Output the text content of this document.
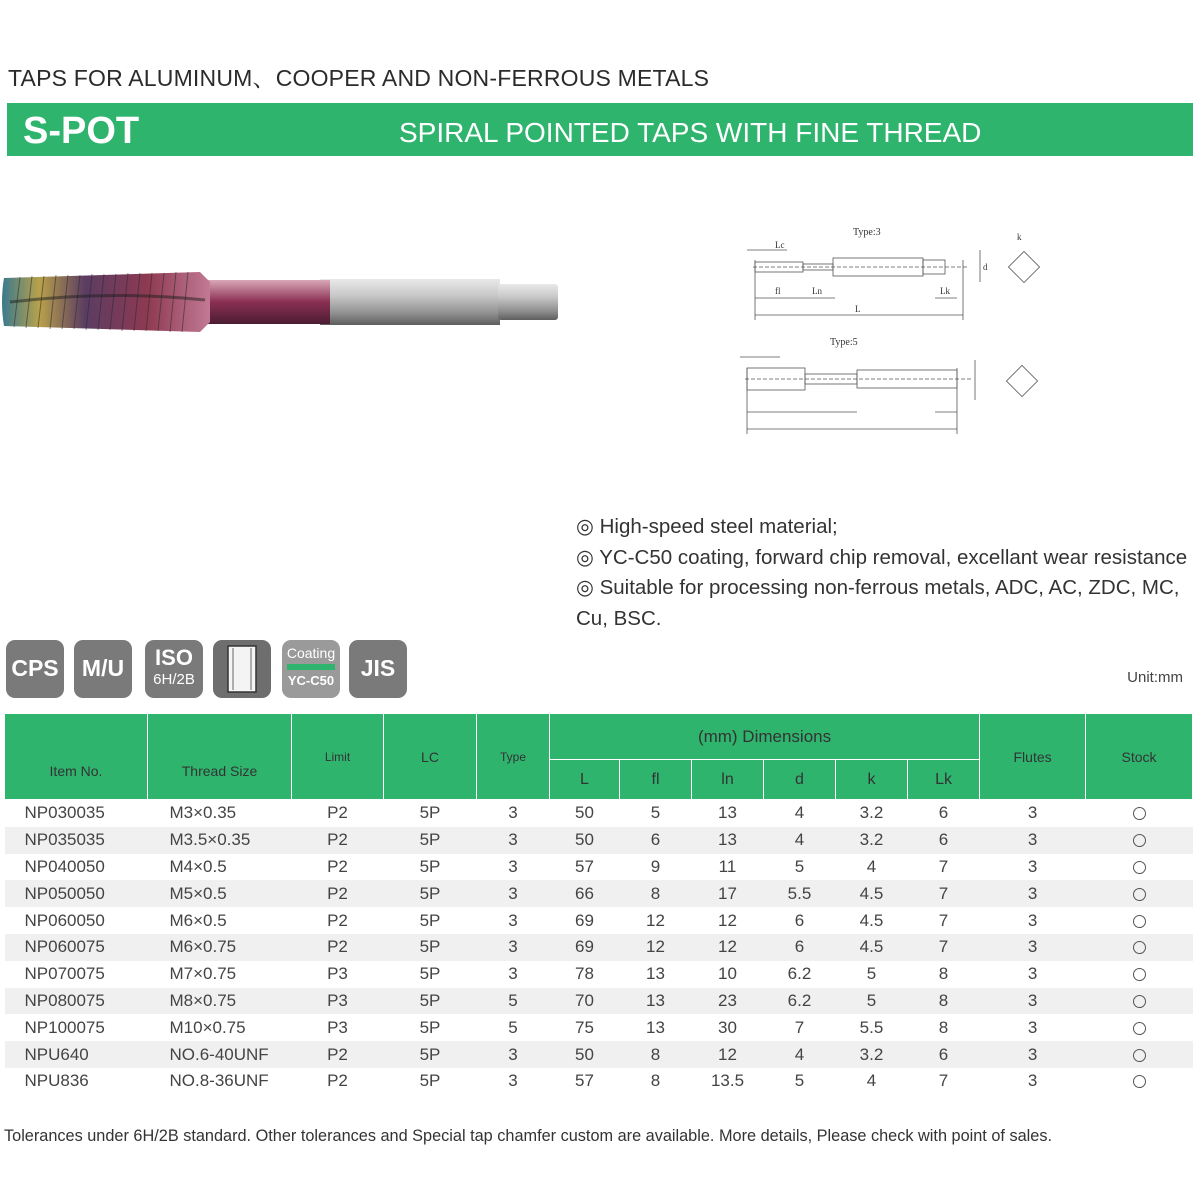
TAPS FOR ALUMINUM、COOPER AND NON-FERROUS METALS
S-POT	SPIRAL POINTED TAPS WITH FINE THREAD
Type:3
Type:5
Lc
fl	Ln	Lk
L
d
k
◎ High-speed steel material;
◎ YC-C50 coating, forward chip removal, excellant wear resistance
◎ Suitable for processing non-ferrous metals, ADC, AC, ZDC, MC, Cu, BSC.
CPS	M/U	ISO
6H/2B
Coating
YC-C50	JIS	Unit:mm
Item No.	Thread Size	Limit	LC	Type	(mm) Dimensions						Flutes	Stock
					L	fl	ln	d	k	Lk		
NP030035	M3×0.35	P2	5P	3	50	5	13	4	3.2	6	3	
NP035035	M3.5×0.35	P2	5P	3	50	6	13	4	3.2	6	3	
NP040050	M4×0.5	P2	5P	3	57	9	11	5	4	7	3	
NP050050	M5×0.5	P2	5P	3	66	8	17	5.5	4.5	7	3	
NP060050	M6×0.5	P2	5P	3	69	12	12	6	4.5	7	3	
NP060075	M6×0.75	P2	5P	3	69	12	12	6	4.5	7	3	
NP070075	M7×0.75	P3	5P	3	78	13	10	6.2	5	8	3	
NP080075	M8×0.75	P3	5P	5	70	13	23	6.2	5	8	3	
NP100075	M10×0.75	P3	5P	5	75	13	30	7	5.5	8	3	
NPU640	NO.6-40UNF	P2	5P	3	50	8	12	4	3.2	6	3	
NPU836	NO.8-36UNF	P2	5P	3	57	8	13.5	5	4	7	3	
Tolerances under 6H/2B standard. Other tolerances and Special tap chamfer custom are available. More details, Please check with point of sales.
